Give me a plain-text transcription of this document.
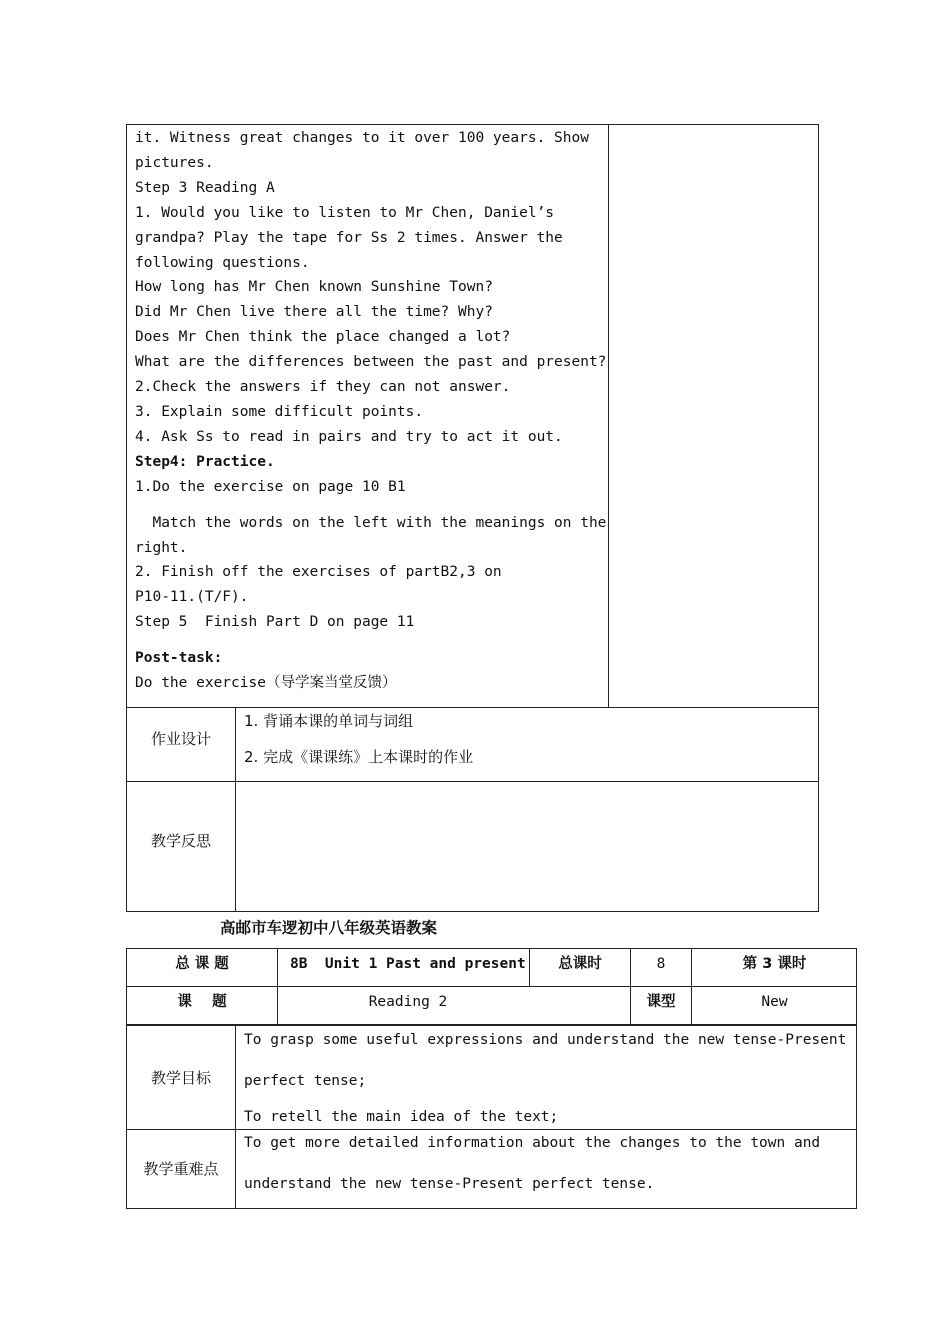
it. Witness great changes to it over 100 years. Show
pictures.
Step 3 Reading A
1. Would you like to listen to Mr Chen, Daniel’s
grandpa? Play the tape for Ss 2 times. Answer the
following questions.
How long has Mr Chen known Sunshine Town?
Did Mr Chen live there all the time? Why?
Does Mr Chen think the place changed a lot?
What are the differences between the past and present?
2.Check the answers if they can not answer.
3. Explain some difficult points.
4. Ask Ss to read in pairs and try to act it out.
Step4: Practice.
1.Do the exercise on page 10 B1
Match the words on the left with the meanings on the
right.
2. Finish off the exercises of partB2,3 on
P10-11.(T/F).
Step 5  Finish Part D on page 11
Post-task:
Do the exercise（导学案当堂反馈）
作业设计
1. 背诵本课的单词与词组
2. 完成《课课练》上本课时的作业
教学反思
高邮市车逻初中八年级英语教案
总 课 题	8B  Unit 1 Past and present	总课时	8	第 3 课时
课    题	Reading 2	课型	New
教学目标
To grasp some useful expressions and understand the new tense-Present
perfect tense;
To retell the main idea of the text;
教学重难点
To get more detailed information about the changes to the town and
understand the new tense-Present perfect tense.
